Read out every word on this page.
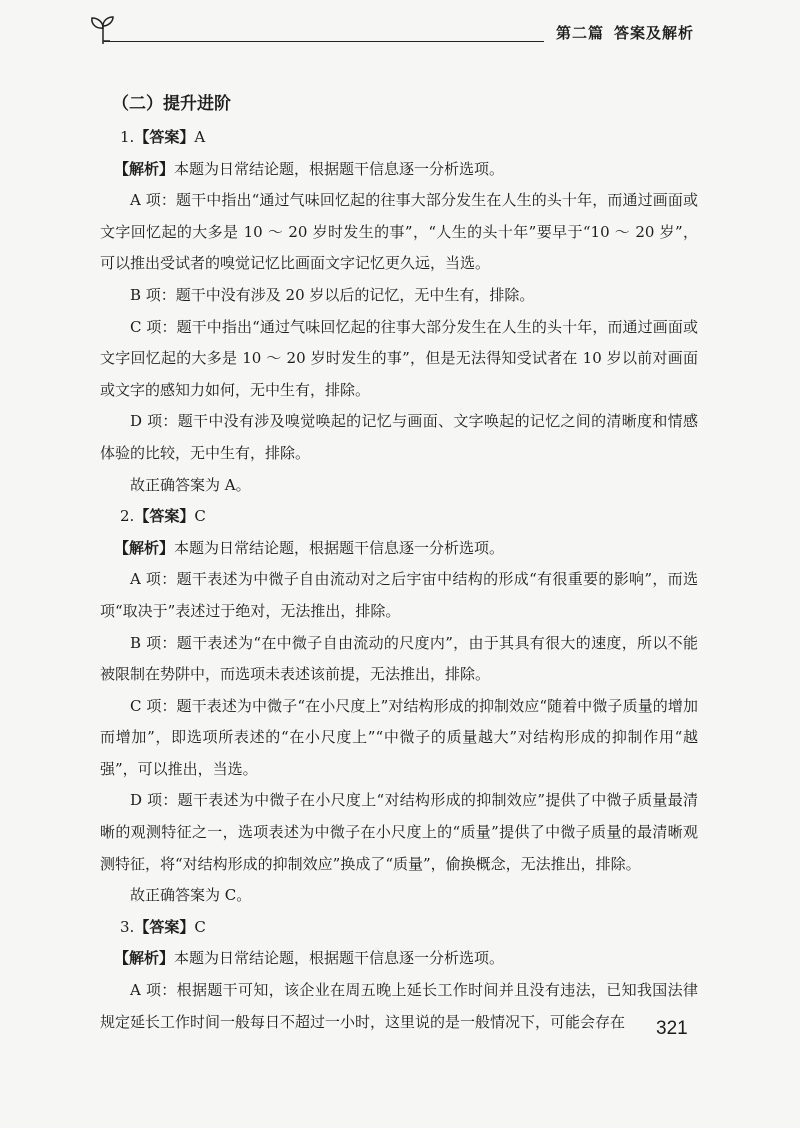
第二篇 答案及解析
（二）提升进阶

1.【答案】A

【解析】本题为日常结论题，根据题干信息逐一分析选项。

A 项：题干中指出“通过气味回忆起的往事大部分发生在人生的头十年，而通过画面或文字回忆起的大多是 10 ～ 20 岁时发生的事”，“人生的头十年”要早于“10 ～ 20 岁”，可以推出受试者的嗅觉记忆比画面文字记忆更久远，当选。

B 项：题干中没有涉及 20 岁以后的记忆，无中生有，排除。

C 项：题干中指出“通过气味回忆起的往事大部分发生在人生的头十年，而通过画面或文字回忆起的大多是 10 ～ 20 岁时发生的事”，但是无法得知受试者在 10 岁以前对画面或文字的感知力如何，无中生有，排除。

D 项：题干中没有涉及嗅觉唤起的记忆与画面、文字唤起的记忆之间的清晰度和情感体验的比较，无中生有，排除。

故正确答案为 A。

2.【答案】C

【解析】本题为日常结论题，根据题干信息逐一分析选项。

A 项：题干表述为中微子自由流动对之后宇宙中结构的形成“有很重要的影响”，而选项“取决于”表述过于绝对，无法推出，排除。

B 项：题干表述为“在中微子自由流动的尺度内”，由于其具有很大的速度，所以不能被限制在势阱中，而选项未表述该前提，无法推出，排除。

C 项：题干表述为中微子“在小尺度上”对结构形成的抑制效应“随着中微子质量的增加而增加”，即选项所表述的“在小尺度上”“中微子的质量越大”对结构形成的抑制作用“越强”，可以推出，当选。

D 项：题干表述为中微子在小尺度上“对结构形成的抑制效应”提供了中微子质量最清晰的观测特征之一，选项表述为中微子在小尺度上的“质量”提供了中微子质量的最清晰观测特征，将“对结构形成的抑制效应”换成了“质量”，偷换概念，无法推出，排除。

故正确答案为 C。

3.【答案】C

【解析】本题为日常结论题，根据题干信息逐一分析选项。

A 项：根据题干可知，该企业在周五晚上延长工作时间并且没有违法，已知我国法律规定延长工作时间一般每日不超过一小时，这里说的是一般情况下，可能会存在	321
